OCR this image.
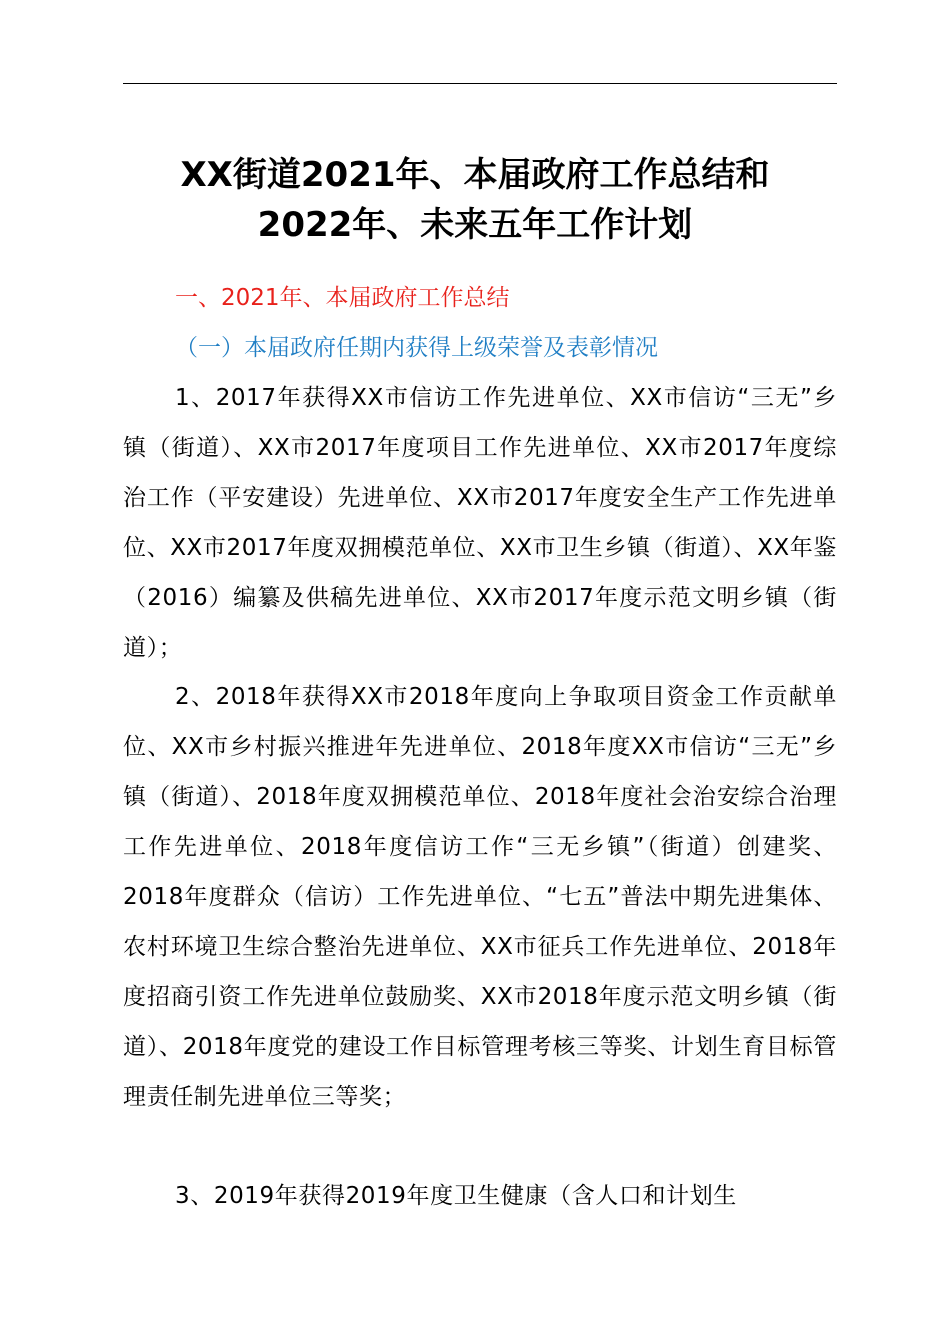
XX街道2021年、本届政府工作总结和
2022年、未来五年工作计划

一、2021年、本届政府工作总结

（一）本届政府任期内获得上级荣誉及表彰情况

1、2017年获得XX市信访工作先进单位、XX市信访“三无”乡镇（街道）、XX市2017年度项目工作先进单位、XX市2017年度综治工作（平安建设）先进单位、XX市2017年度安全生产工作先进单位、XX市2017年度双拥模范单位、XX市卫生乡镇（街道）、XX年鉴（2016）编纂及供稿先进单位、XX市2017年度示范文明乡镇（街道）；

2、2018年获得XX市2018年度向上争取项目资金工作贡献单位、XX市乡村振兴推进年先进单位、2018年度XX市信访“三无”乡镇（街道）、2018年度双拥模范单位、2018年度社会治安综合治理工作先进单位、2018年度信访工作“三无乡镇”（街道）创建奖、2018年度群众（信访）工作先进单位、“七五”普法中期先进集体、农村环境卫生综合整治先进单位、XX市征兵工作先进单位、2018年度招商引资工作先进单位鼓励奖、XX市2018年度示范文明乡镇（街道）、2018年度党的建设工作目标管理考核三等奖、计划生育目标管理责任制先进单位三等奖；

3、2019年获得2019年度卫生健康（含人口和计划生
